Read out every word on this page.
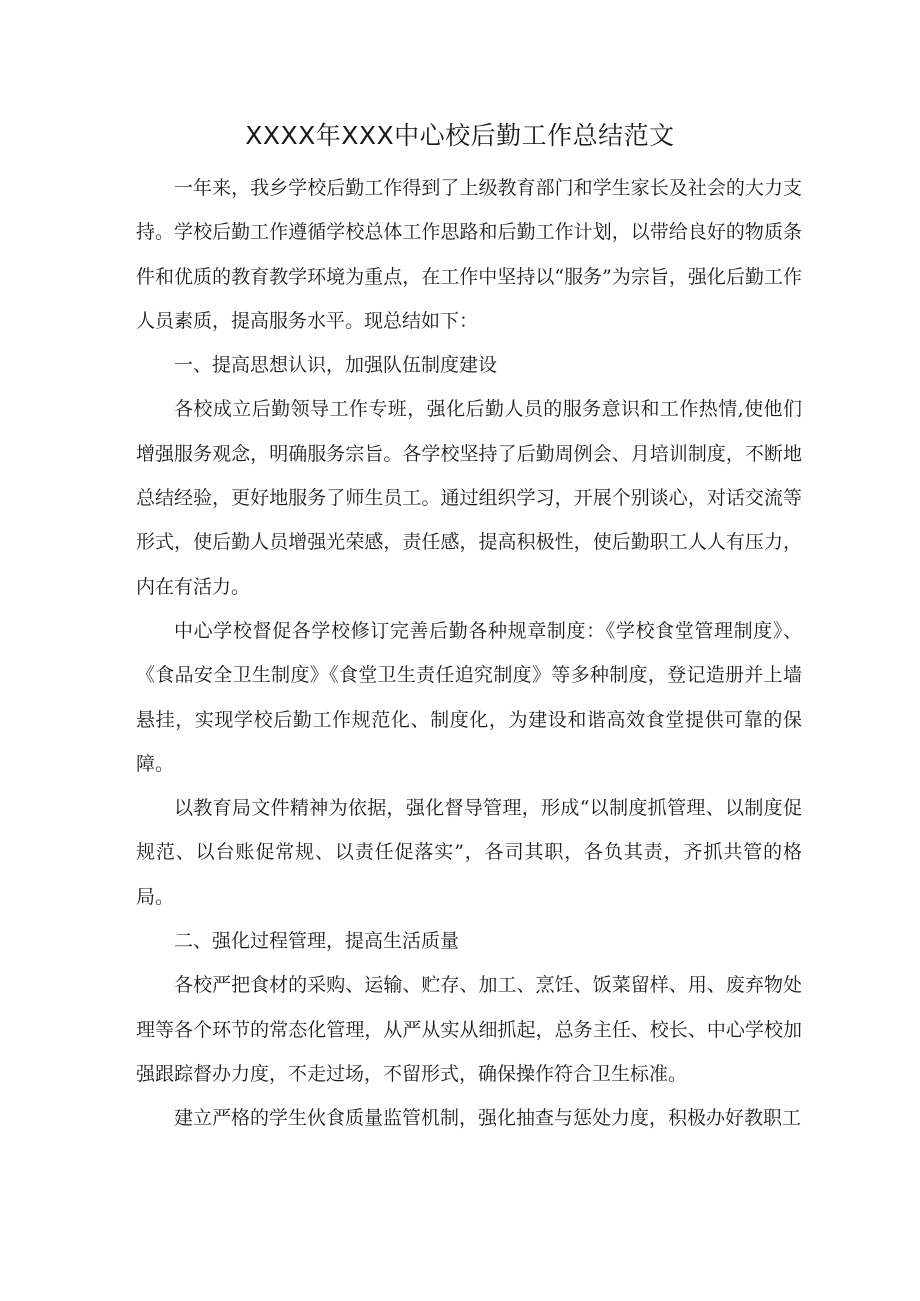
XXXX年XXX中心校后勤工作总结范文

一年来，我乡学校后勤工作得到了上级教育部门和学生家长及社会的大力支持。学校后勤工作遵循学校总体工作思路和后勤工作计划，以带给良好的物质条件和优质的教育教学环境为重点，在工作中坚持以“服务”为宗旨，强化后勤工作人员素质，提高服务水平。现总结如下：

一、提高思想认识，加强队伍制度建设

各校成立后勤领导工作专班，强化后勤人员的服务意识和工作热情,使他们增强服务观念，明确服务宗旨。各学校坚持了后勤周例会、月培训制度，不断地总结经验，更好地服务了师生员工。通过组织学习，开展个别谈心，对话交流等形式，使后勤人员增强光荣感，责任感，提高积极性，使后勤职工人人有压力，内在有活力。

中心学校督促各学校修订完善后勤各种规章制度：《学校食堂管理制度》、《食品安全卫生制度》《食堂卫生责任追究制度》等多种制度，登记造册并上墙悬挂，实现学校后勤工作规范化、制度化，为建设和谐高效食堂提供可靠的保障。

以教育局文件精神为依据，强化督导管理，形成“以制度抓管理、以制度促规范、以台账促常规、以责任促落实”，各司其职，各负其责，齐抓共管的格局。

二、强化过程管理，提高生活质量

各校严把食材的采购、运输、贮存、加工、烹饪、饭菜留样、用、废弃物处理等各个环节的常态化管理，从严从实从细抓起，总务主任、校长、中心学校加强跟踪督办力度，不走过场，不留形式，确保操作符合卫生标准。

建立严格的学生伙食质量监管机制，强化抽查与惩处力度，积极办好教职工
